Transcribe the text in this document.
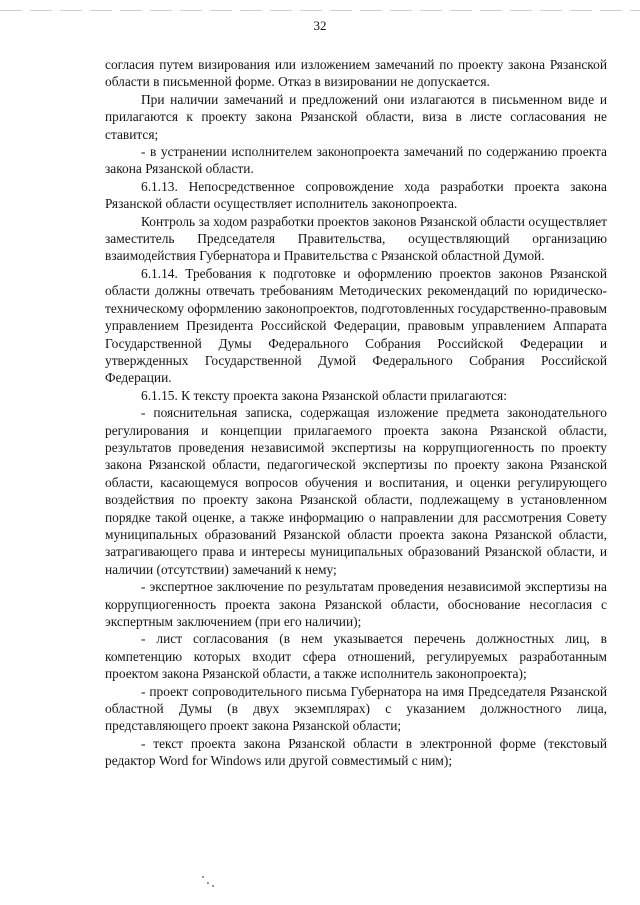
32

согласия путем визирования или изложением замечаний по проекту закона Рязанской области в письменной форме. Отказ в визировании не допускается.

При наличии замечаний и предложений они излагаются в письменном виде и прилагаются к проекту закона Рязанской области, виза в листе согласования не ставится;

- в устранении исполнителем законопроекта замечаний по содержанию проекта закона Рязанской области.

6.1.13. Непосредственное сопровождение хода разработки проекта закона Рязанской области осуществляет исполнитель законопроекта.

Контроль за ходом разработки проектов законов Рязанской области осуществляет заместитель Председателя Правительства, осуществляющий организацию взаимодействия Губернатора и Правительства с Рязанской областной Думой.

6.1.14. Требования к подготовке и оформлению проектов законов Рязанской области должны отвечать требованиям Методических рекомендаций по юридическо-техническому оформлению законопроектов, подготовленных государственно-правовым управлением Президента Российской Федерации, правовым управлением Аппарата Государственной Думы Федерального Собрания Российской Федерации и утвержденных Государственной Думой Федерального Собрания Российской Федерации.

6.1.15. К тексту проекта закона Рязанской области прилагаются:

- пояснительная записка, содержащая изложение предмета законодательного регулирования и концепции прилагаемого проекта закона Рязанской области, результатов проведения независимой экспертизы на коррупциогенность по проекту закона Рязанской области, педагогической экспертизы по проекту закона Рязанской области, касающемуся вопросов обучения и воспитания, и оценки регулирующего воздействия по проекту закона Рязанской области, подлежащему в установленном порядке такой оценке, а также информацию о направлении для рассмотрения Совету муниципальных образований Рязанской области проекта закона Рязанской области, затрагивающего права и интересы муниципальных образований Рязанской области, и наличии (отсутствии) замечаний к нему;

- экспертное заключение по результатам проведения независимой экспертизы на коррупциогенность проекта закона Рязанской области, обоснование несогласия с экспертным заключением (при его наличии);

- лист согласования (в нем указывается перечень должностных лиц, в компетенцию которых входит сфера отношений, регулируемых разработанным проектом закона Рязанской области, а также исполнитель законопроекта);

- проект сопроводительного письма Губернатора на имя Председателя Рязанской областной Думы (в двух экземплярах) с указанием должностного лица, представляющего проект закона Рязанской области;

- текст проекта закона Рязанской области в электронной форме (текстовый редактор Word for Windows или другой совместимый с ним);
